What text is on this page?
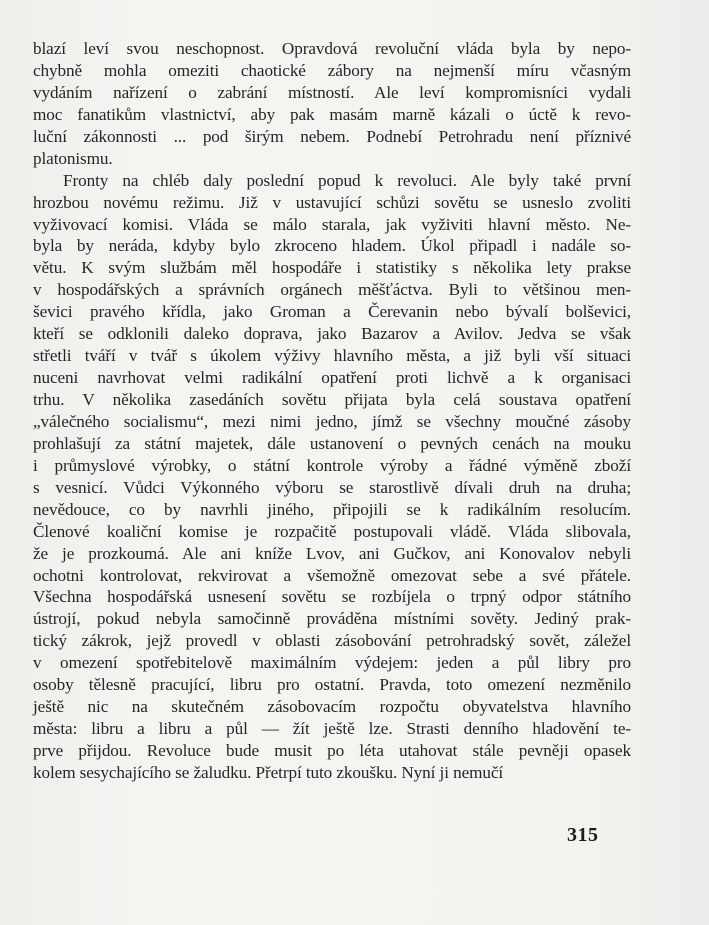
blazí leví svou neschopnost. Opravdová revoluční vláda byla by nepo-
chybně mohla omeziti chaotické zábory na nejmenší míru včasným
vydáním nařízení o zabrání místností. Ale leví kompromisníci vydali
moc fanatikům vlastnictví, aby pak masám marně kázali o úctě k revo-
luční zákonnosti ... pod širým nebem. Podnebí Petrohradu není příznivé
platonismu.
Fronty na chléb daly poslední popud k revoluci. Ale byly také první
hrozbou novému režimu. Již v ustavující schůzi sovětu se usneslo zvoliti
vyživovací komisi. Vláda se málo starala, jak vyživiti hlavní město. Ne-
byla by neráda, kdyby bylo zkroceno hladem. Úkol připadl i nadále so-
větu. K svým službám měl hospodáře i statistiky s několika lety prakse
v hospodářských a správních orgánech měšťáctva. Byli to většinou men-
ševici pravého křídla, jako Groman a Čerevanin nebo bývalí bolševici,
kteří se odklonili daleko doprava, jako Bazarov a Avilov. Jedva se však
střetli tváří v tvář s úkolem výživy hlavního města, a již byli vší situaci
nuceni navrhovat velmi radikální opatření proti lichvě a k organisaci
trhu. V několika zasedáních sovětu přijata byla celá soustava opatření
„válečného socialismu“, mezi nimi jedno, jímž se všechny moučné zásoby
prohlašují za státní majetek, dále ustanovení o pevných cenách na mouku
i průmyslové výrobky, o státní kontrole výroby a řádné výměně zboží
s vesnicí. Vůdci Výkonného výboru se starostlivě dívali druh na druha;
nevědouce, co by navrhli jiného, připojili se k radikálním resolucím.
Členové koaliční komise je rozpačitě postupovali vládě. Vláda slibovala,
že je prozkoumá. Ale ani kníže Lvov, ani Gučkov, ani Konovalov nebyli
ochotni kontrolovat, rekvirovat a všemožně omezovat sebe a své přátele.
Všechna hospodářská usnesení sovětu se rozbíjela o trpný odpor státního
ústrojí, pokud nebyla samočinně prováděna místními sověty. Jediný prak-
tický zákrok, jejž provedl v oblasti zásobování petrohradský sovět, záležel
v omezení spotřebitelově maximálním výdejem: jeden a půl libry pro
osoby tělesně pracující, libru pro ostatní. Pravda, toto omezení nezměnilo
ještě nic na skutečném zásobovacím rozpočtu obyvatelstva hlavního
města: libru a libru a půl — žít ještě lze. Strasti denního hladovění te-
prve přijdou. Revoluce bude musit po léta utahovat stále pevněji opasek
kolem sesychajícího se žaludku. Přetrpí tuto zkoušku. Nyní ji nemučí
315
